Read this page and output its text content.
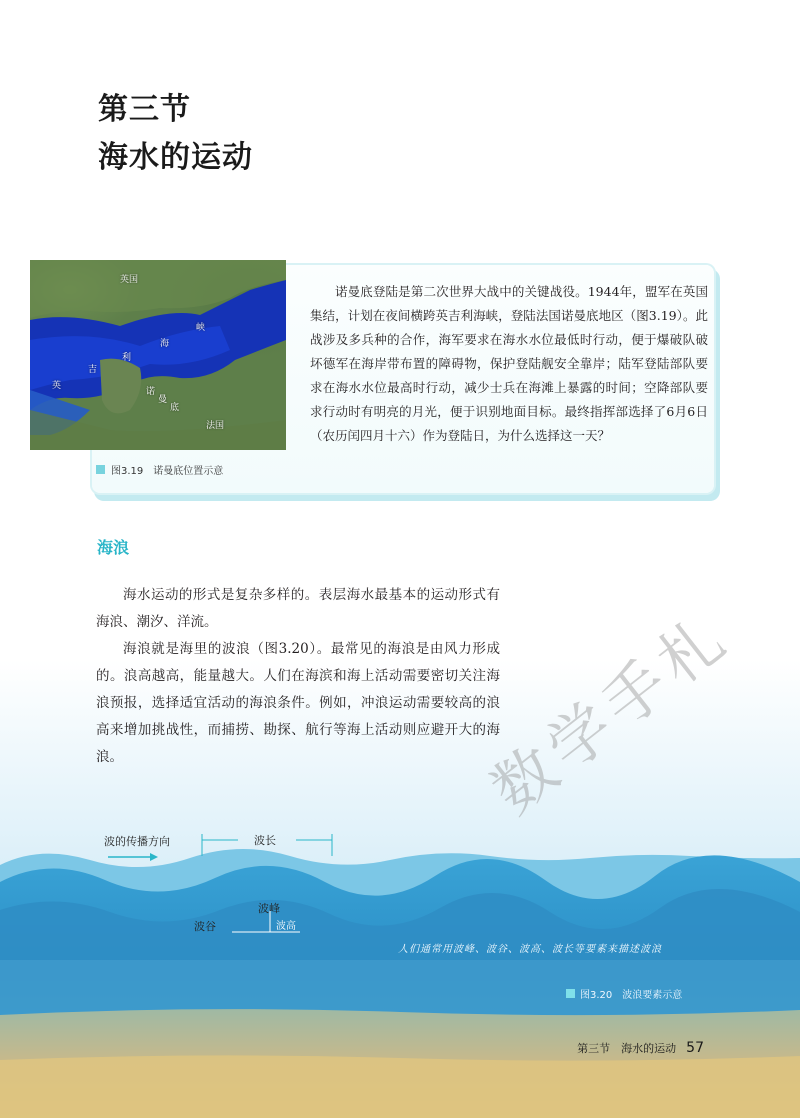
第三节
海水的运动
英国
英
吉
利
海
峡
诺
曼
底
法国
图3.19　诺曼底位置示意

诺曼底登陆是第二次世界大战中的关键战役。1944年，盟军在英国集结，计划在夜间横跨英吉利海峡，登陆法国诺曼底地区（图3.19）。此战涉及多兵种的合作，海军要求在海水水位最低时行动，便于爆破队破坏德军在海岸带布置的障碍物，保护登陆舰安全靠岸；陆军登陆部队要求在海水水位最高时行动，减少士兵在海滩上暴露的时间；空降部队要求行动时有明亮的月光，便于识别地面目标。最终指挥部选择了6月6日（农历闰四月十六）作为登陆日，为什么选择这一天？

海浪

海水运动的形式是复杂多样的。表层海水最基本的运动形式有海浪、潮汐、洋流。

海浪就是海里的波浪（图3.20）。最常见的海浪是由风力形成的。浪高越高，能量越大。人们在海滨和海上活动需要密切关注海浪预报，选择适宜活动的海浪条件。例如，冲浪运动需要较高的浪高来增加挑战性，而捕捞、勘探、航行等海上活动则应避开大的海浪。

波的传播方向	波长
波峰
波谷	波高
人们通常用波峰、波谷、波高、波长等要素来描述波浪
图3.20　波浪要素示意
数学手札
第三节　海水的运动 57
